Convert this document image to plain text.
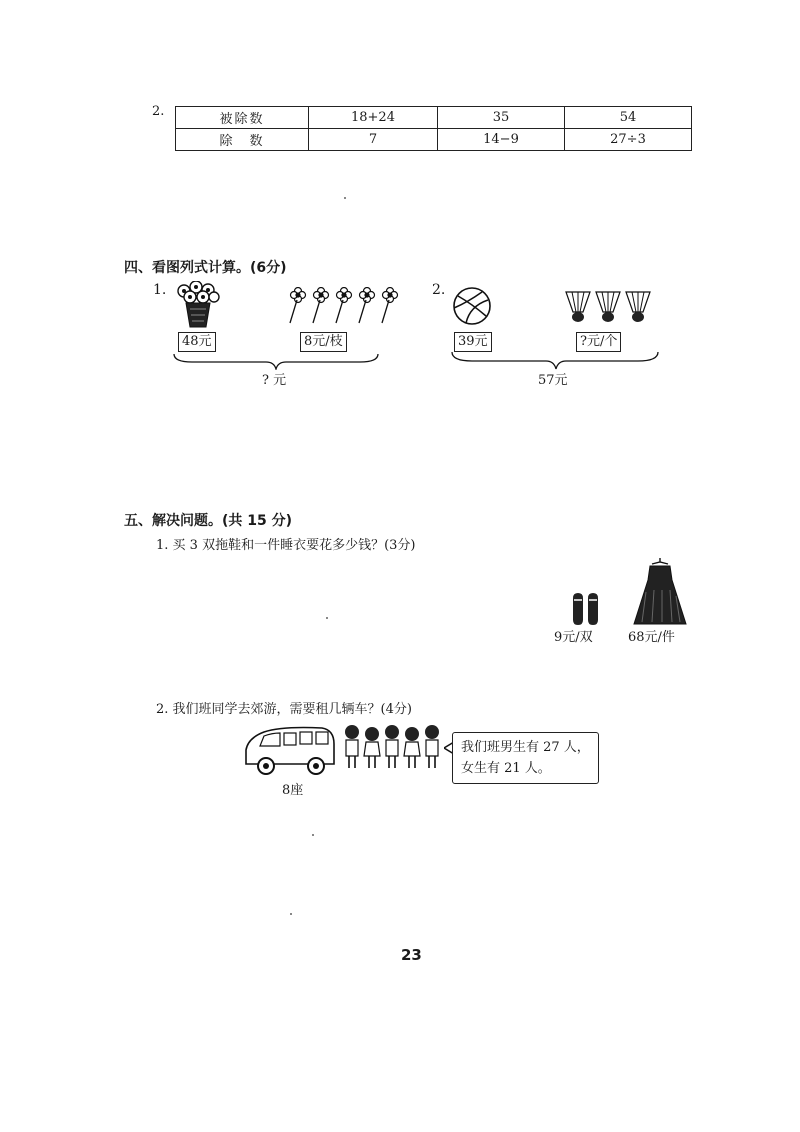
2.
被除数	18+24	35	54
除　数	7	14−9	27÷3
四、看图列式计算。(6分)
1.
48元	8元/枝
? 元
2.
39元	?元/个
57元
五、解决问题。(共 15 分)
1. 买 3 双拖鞋和一件睡衣要花多少钱？(3分)
9元/双	68元/件
2. 我们班同学去郊游，需要租几辆车？(4分)
8座
我们班男生有 27 人，
女生有 21 人。
23
